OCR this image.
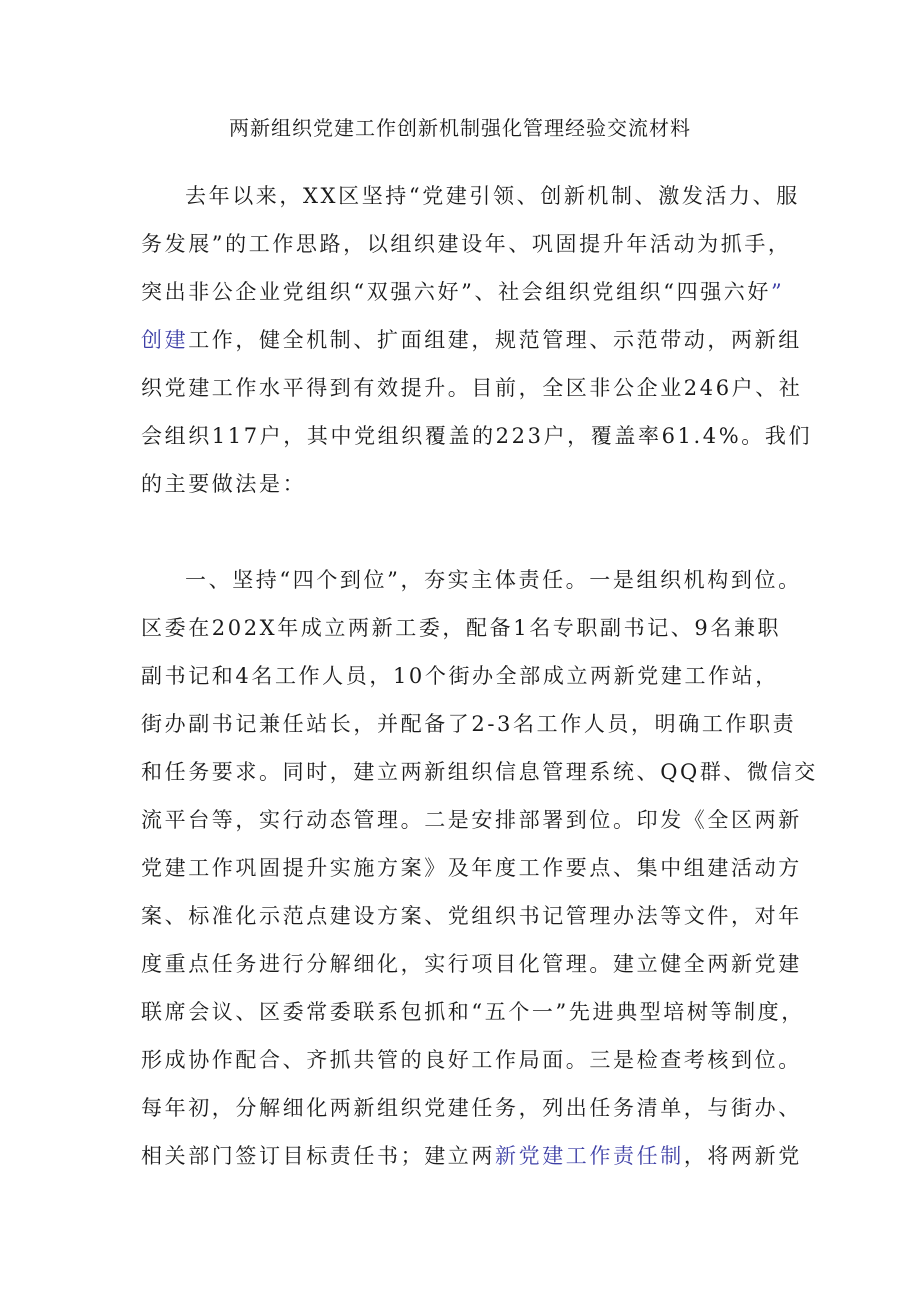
两新组织党建工作创新机制强化管理经验交流材料
去年以来，XX区坚持“党建引领、创新机制、激发活力、服
务发展”的工作思路，以组织建设年、巩固提升年活动为抓手，
突出非公企业党组织“双强六好”、社会组织党组织“四强六好”
创建工作，健全机制、扩面组建，规范管理、示范带动，两新组
织党建工作水平得到有效提升。目前，全区非公企业246户、社
会组织117户，其中党组织覆盖的223户，覆盖率61.4%。我们
的主要做法是：
一、坚持“四个到位”，夯实主体责任。一是组织机构到位。
区委在202X年成立两新工委，配备1名专职副书记、9名兼职
副书记和4名工作人员，10个街办全部成立两新党建工作站，
街办副书记兼任站长，并配备了2-3名工作人员，明确工作职责
和任务要求。同时，建立两新组织信息管理系统、QQ群、微信交
流平台等，实行动态管理。二是安排部署到位。印发《全区两新
党建工作巩固提升实施方案》及年度工作要点、集中组建活动方
案、标准化示范点建设方案、党组织书记管理办法等文件，对年
度重点任务进行分解细化，实行项目化管理。建立健全两新党建
联席会议、区委常委联系包抓和“五个一”先进典型培树等制度，
形成协作配合、齐抓共管的良好工作局面。三是检查考核到位。
每年初，分解细化两新组织党建任务，列出任务清单，与街办、
相关部门签订目标责任书；建立两新党建工作责任制，将两新党
